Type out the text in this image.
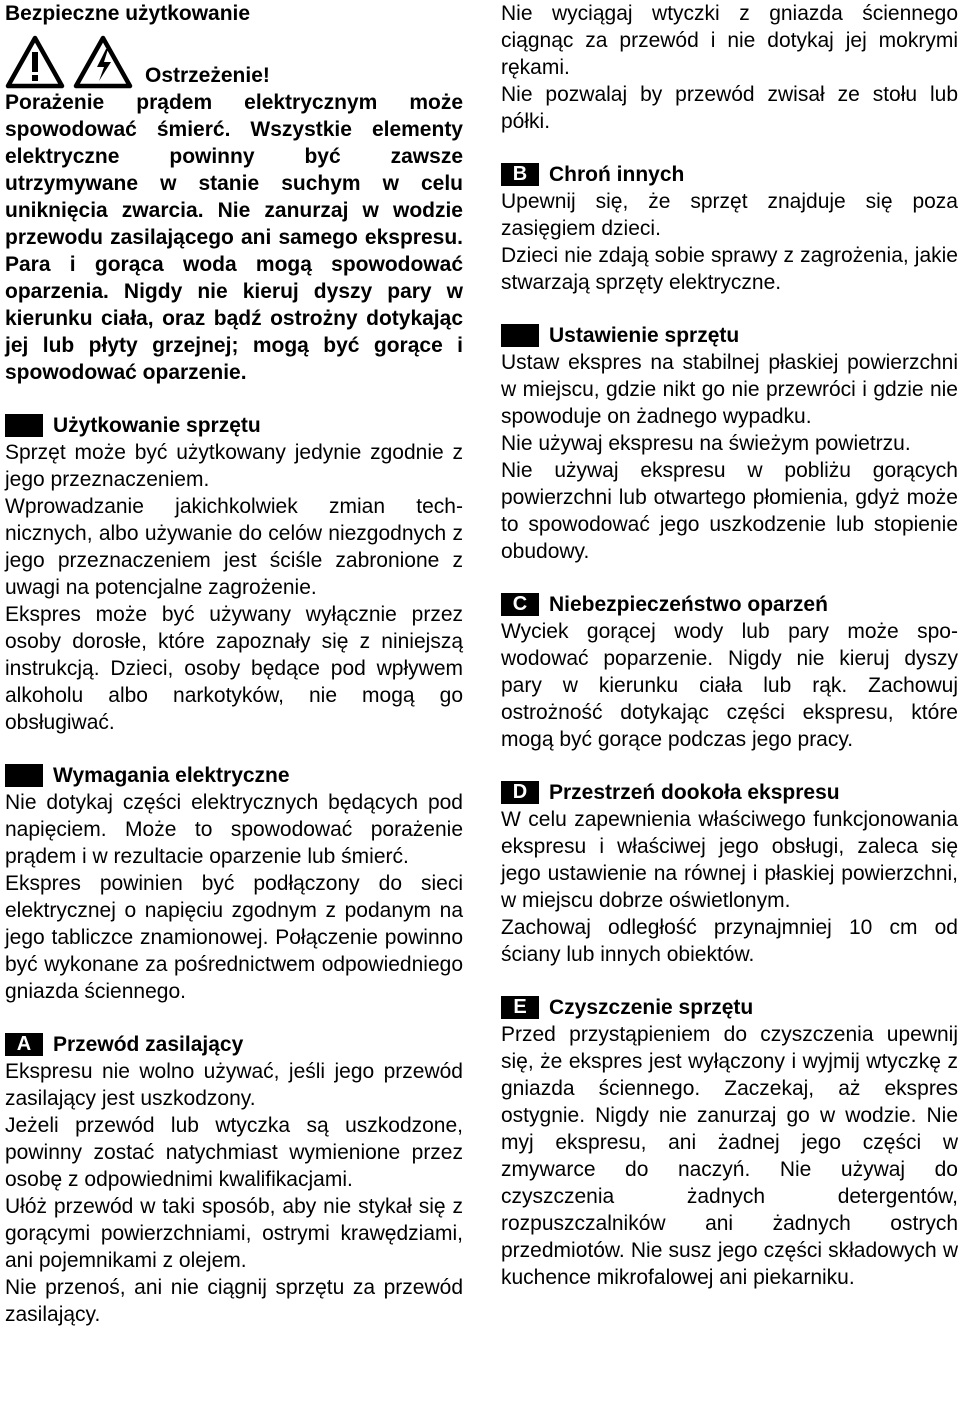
Bezpieczne użytkowanie
Ostrzeżenie!

Porażenie prądem elektrycznym może spowodować śmierć. Wszystkie elementy elektryczne powinny być zawsze utrzymywane w stanie suchym w celu uniknięcia zwarcia. Nie zanurzaj w wodzie przewodu zasilającego ani samego ekspresu. Para i gorąca woda mogą spowodować oparzenia. Nigdy nie kieruj dyszy pary w kierunku ciała, oraz bądź ostrożny dotykając jej lub płyty grzejnej; mogą być gorące i spowodować oparzenie.

Użytkowanie sprzętu

Sprzęt może być użytkowany jedynie zgodnie z jego przeznaczeniem.

Wprowadzanie jakichkolwiek zmian technicznych, albo używanie do celów niezgodnych z jego przeznaczeniem jest ściśle zabronione z uwagi na potencjalne zagrożenie.

Ekspres może być używany wyłącznie przez osoby dorosłe, które zapoznały się z niniejszą instrukcją. Dzieci, osoby będące pod wpływem alkoholu albo narkotyków, nie mogą go obsługiwać.

Wymagania elektryczne

Nie dotykaj części elektrycznych będących pod napięciem. Może to spowodować porażenie prądem i w rezultacie oparzenie lub śmierć.

Ekspres powinien być podłączony do sieci elektrycznej o napięciu zgodnym z podanym na jego tabliczce znamionowej. Połączenie powinno być wykonane za pośrednictwem odpowiedniego gniazda ściennego.

A	Przewód zasilający

Ekspresu nie wolno używać, jeśli jego przewód zasilający jest uszkodzony.

Jeżeli przewód lub wtyczka są uszkodzone, powinny zostać natychmiast wymienione przez osobę z odpowiednimi kwalifikacjami.

Ułóż przewód w taki sposób, aby nie stykał się z gorącymi powierzchniami, ostrymi krawędziami, ani pojemnikami z olejem.

Nie przenoś, ani nie ciągnij sprzętu za przewód zasilający.

Nie wyciągaj wtyczki z gniazda ściennego ciągnąc za przewód i nie dotykaj jej mokrymi rękami.

Nie pozwalaj by przewód zwisał ze stołu lub półki.

B	Chroń innych

Upewnij się, że sprzęt znajduje się poza zasięgiem dzieci.

Dzieci nie zdają sobie sprawy z zagrożenia, jakie stwarzają sprzęty elektryczne.

Ustawienie sprzętu

Ustaw ekspres na stabilnej płaskiej powierzchni w miejscu, gdzie nikt go nie przewróci i gdzie nie spowoduje on żadnego wypadku.

Nie używaj ekspresu na świeżym powietrzu.

Nie używaj ekspresu w pobliżu gorących powierzchni lub otwartego płomienia, gdyż może to spowodować jego uszkodzenie lub stopienie obudowy.

C	Niebezpieczeństwo oparzeń

Wyciek gorącej wody lub pary może spowodować poparzenie. Nigdy nie kieruj dyszy pary w kierunku ciała lub rąk. Zachowuj ostrożność dotykając części ekspresu, które mogą być gorące podczas jego pracy.

D	Przestrzeń dookoła ekspresu

W celu zapewnienia właściwego funkcjonowania ekspresu i właściwej jego obsługi, zaleca się jego ustawienie na równej i płaskiej powierzchni, w miejscu dobrze oświetlonym.

Zachowaj odległość przynajmniej 10 cm od ściany lub innych obiektów.

E	Czyszczenie sprzętu

Przed przystąpieniem do czyszczenia upewnij się, że ekspres jest wyłączony i wyjmij wtyczkę z gniazda ściennego. Zaczekaj, aż ekspres ostygnie. Nigdy nie zanurzaj go w wodzie. Nie myj ekspresu, ani żadnej jego części w zmywarce do naczyń. Nie używaj do czyszczenia żadnych detergentów, rozpuszczalników ani żadnych ostrych przedmiotów. Nie susz jego części składowych w kuchence mikrofalowej ani piekarniku.
